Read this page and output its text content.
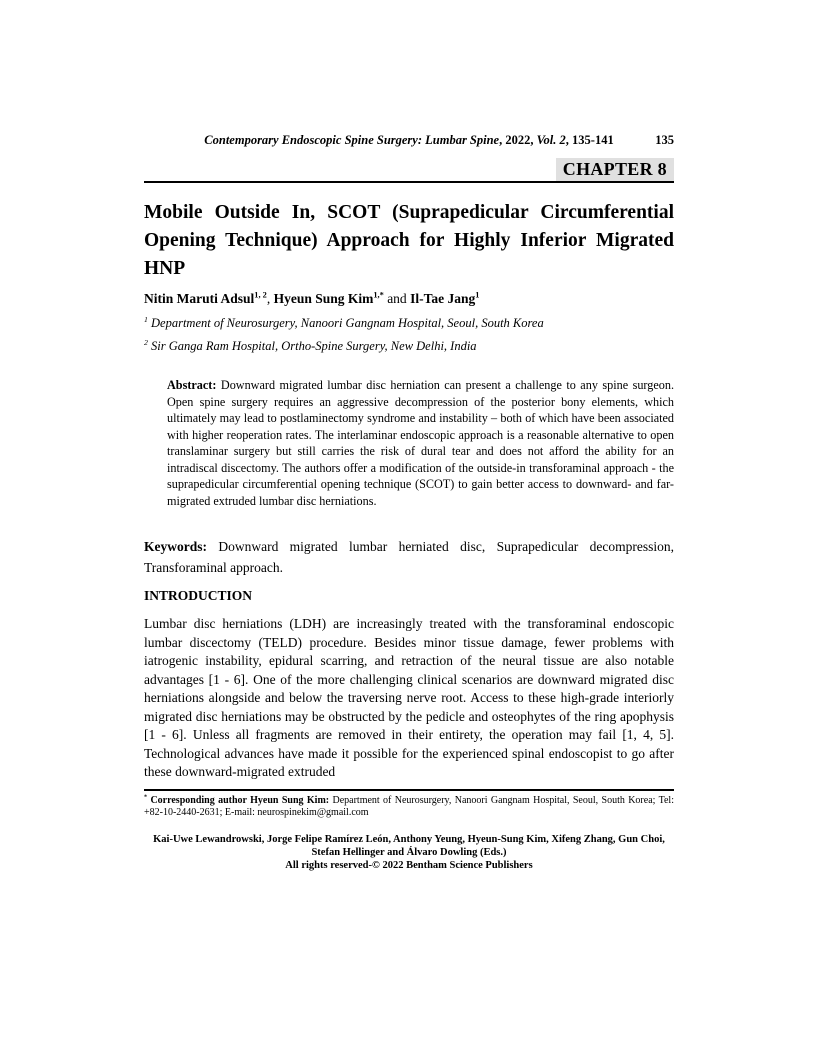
Contemporary Endoscopic Spine Surgery: Lumbar Spine, 2022, Vol. 2, 135-141	135
CHAPTER 8
Mobile Outside In, SCOT (Suprapedicular Circumferential Opening Technique) Approach for Highly Inferior Migrated HNP
Nitin Maruti Adsul$^{1, 2}$, Hyeun Sung Kim$^{1,*}$ and Il-Tae Jang$^1$
$^1$ Department of Neurosurgery, Nanoori Gangnam Hospital, Seoul, South Korea
$^2$ Sir Ganga Ram Hospital, Ortho-Spine Surgery, New Delhi, India
Abstract: Downward migrated lumbar disc herniation can present a challenge to any spine surgeon. Open spine surgery requires an aggressive decompression of the posterior bony elements, which ultimately may lead to postlaminectomy syndrome and instability – both of which have been associated with higher reoperation rates. The interlaminar endoscopic approach is a reasonable alternative to open translaminar surgery but still carries the risk of dural tear and does not afford the ability for an intradiscal discectomy. The authors offer a modification of the outside-in transforaminal approach - the suprapedicular circumferential opening technique (SCOT) to gain better access to downward- and far-migrated extruded lumbar disc herniations.
Keywords: Downward migrated lumbar herniated disc, Suprapedicular decompression, Transforaminal approach.
INTRODUCTION
Lumbar disc herniations (LDH) are increasingly treated with the transforaminal endoscopic lumbar discectomy (TELD) procedure. Besides minor tissue damage, fewer problems with iatrogenic instability, epidural scarring, and retraction of the neural tissue are also notable advantages [1 - 6]. One of the more challenging clinical scenarios are downward migrated disc herniations alongside and below the traversing nerve root. Access to these high-grade interiorly migrated disc herniations may be obstructed by the pedicle and osteophytes of the ring apophysis [1 - 6]. Unless all fragments are removed in their entirety, the operation may fail [1, 4, 5]. Technological advances have made it possible for the experienced spinal endoscopist to go after these downward-migrated extruded
* Corresponding author Hyeun Sung Kim: Department of Neurosurgery, Nanoori Gangnam Hospital, Seoul, South Korea; Tel: +82-10-2440-2631; E-mail: neurospinekim@gmail.com
Kai-Uwe Lewandrowski, Jorge Felipe Ramírez León, Anthony Yeung, Hyeun-Sung Kim, Xifeng Zhang, Gun Choi, Stefan Hellinger and Álvaro Dowling (Eds.)
All rights reserved-© 2022 Bentham Science Publishers
